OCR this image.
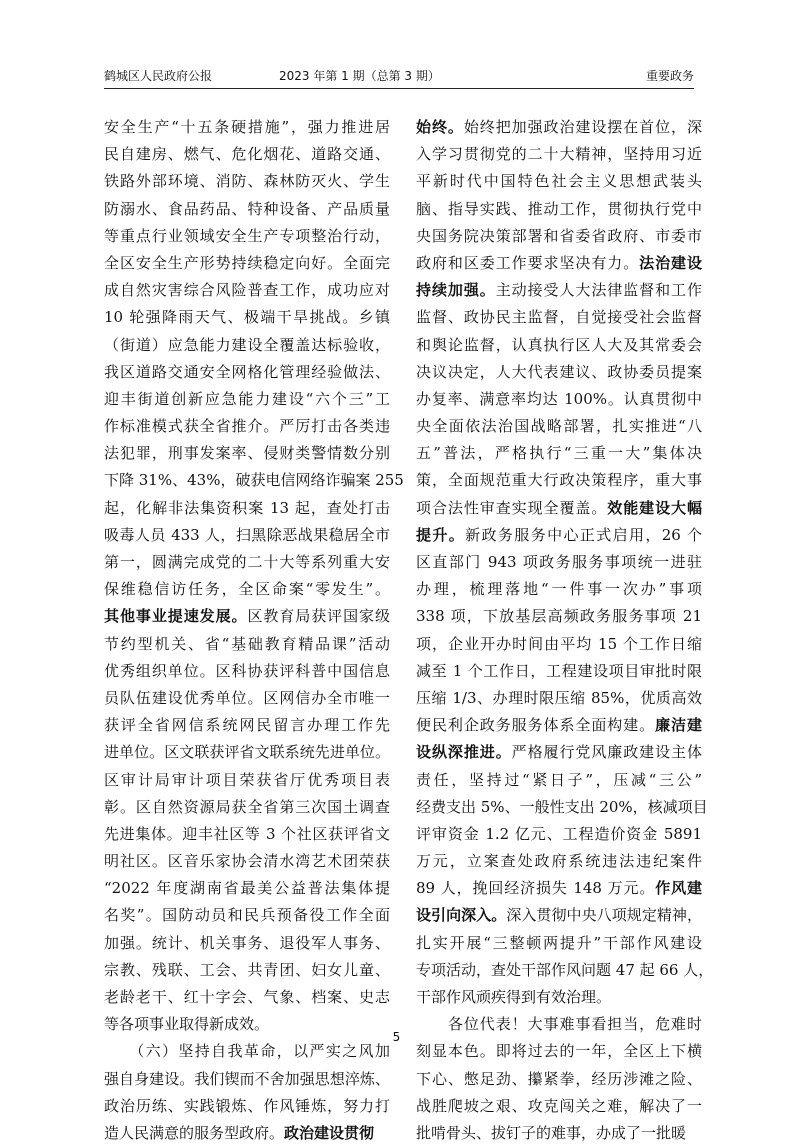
鹤城区人民政府公报	2023 年第 1 期（总第 3 期）	重要政务
安全生产“十五条硬措施”，强力推进居
民自建房、燃气、危化烟花、道路交通、
铁路外部环境、消防、森林防灭火、学生
防溺水、食品药品、特种设备、产品质量
等重点行业领域安全生产专项整治行动，
全区安全生产形势持续稳定向好。全面完
成自然灾害综合风险普查工作，成功应对
10 轮强降雨天气、极端干旱挑战。乡镇
（街道）应急能力建设全覆盖达标验收，
我区道路交通安全网格化管理经验做法、
迎丰街道创新应急能力建设“六个三”工
作标准模式获全省推介。严厉打击各类违
法犯罪，刑事发案率、侵财类警情数分别
下降 31%、43%，破获电信网络诈骗案 255
起，化解非法集资积案 13 起，查处打击
吸毒人员 433 人，扫黑除恶战果稳居全市
第一，圆满完成党的二十大等系列重大安
保维稳信访任务，全区命案“零发生”。
其他事业提速发展。区教育局获评国家级
节约型机关、省“基础教育精品课”活动
优秀组织单位。区科协获评科普中国信息
员队伍建设优秀单位。区网信办全市唯一
获评全省网信系统网民留言办理工作先
进单位。区文联获评省文联系统先进单位。
区审计局审计项目荣获省厅优秀项目表
彰。区自然资源局获全省第三次国土调查
先进集体。迎丰社区等 3 个社区获评省文
明社区。区音乐家协会清水湾艺术团荣获
“2022 年度湖南省最美公益普法集体提
名奖”。国防动员和民兵预备役工作全面
加强。统计、机关事务、退役军人事务、
宗教、残联、工会、共青团、妇女儿童、
老龄老干、红十字会、气象、档案、史志
等各项事业取得新成效。
　　（六）坚持自我革命，以严实之风加
强自身建设。我们锲而不舍加强思想淬炼、
政治历练、实践锻炼、作风锤炼，努力打
造人民满意的服务型政府。政治建设贯彻
始终。始终把加强政治建设摆在首位，深
入学习贯彻党的二十大精神，坚持用习近
平新时代中国特色社会主义思想武装头
脑、指导实践、推动工作，贯彻执行党中
央国务院决策部署和省委省政府、市委市
政府和区委工作要求坚决有力。法治建设
持续加强。主动接受人大法律监督和工作
监督、政协民主监督，自觉接受社会监督
和舆论监督，认真执行区人大及其常委会
决议决定，人大代表建议、政协委员提案
办复率、满意率均达 100%。认真贯彻中
央全面依法治国战略部署，扎实推进“八
五”普法，严格执行“三重一大”集体决
策，全面规范重大行政决策程序，重大事
项合法性审查实现全覆盖。效能建设大幅
提升。新政务服务中心正式启用，26 个
区直部门 943 项政务服务事项统一进驻
办理，梳理落地“一件事一次办”事项
338 项，下放基层高频政务服务事项 21
项，企业开办时间由平均 15 个工作日缩
减至 1 个工作日，工程建设项目审批时限
压缩 1/3、办理时限压缩 85%，优质高效
便民利企政务服务体系全面构建。廉洁建
设纵深推进。严格履行党风廉政建设主体
责任，坚持过“紧日子”，压减“三公”
经费支出 5%、一般性支出 20%，核减项目
评审资金 1.2 亿元、工程造价资金 5891
万元，立案查处政府系统违法违纪案件
89 人，挽回经济损失 148 万元。作风建
设引向深入。深入贯彻中央八项规定精神，
扎实开展“三整顿两提升”干部作风建设
专项活动，查处干部作风问题 47 起 66 人，
干部作风顽疾得到有效治理。
　　各位代表！大事难事看担当，危难时
刻显本色。即将过去的一年，全区上下横
下心、憋足劲、攥紧拳，经历涉滩之险、
战胜爬坡之艰、攻克闯关之难，解决了一
批啃骨头、拔钉子的难事，办成了一批暖
5
